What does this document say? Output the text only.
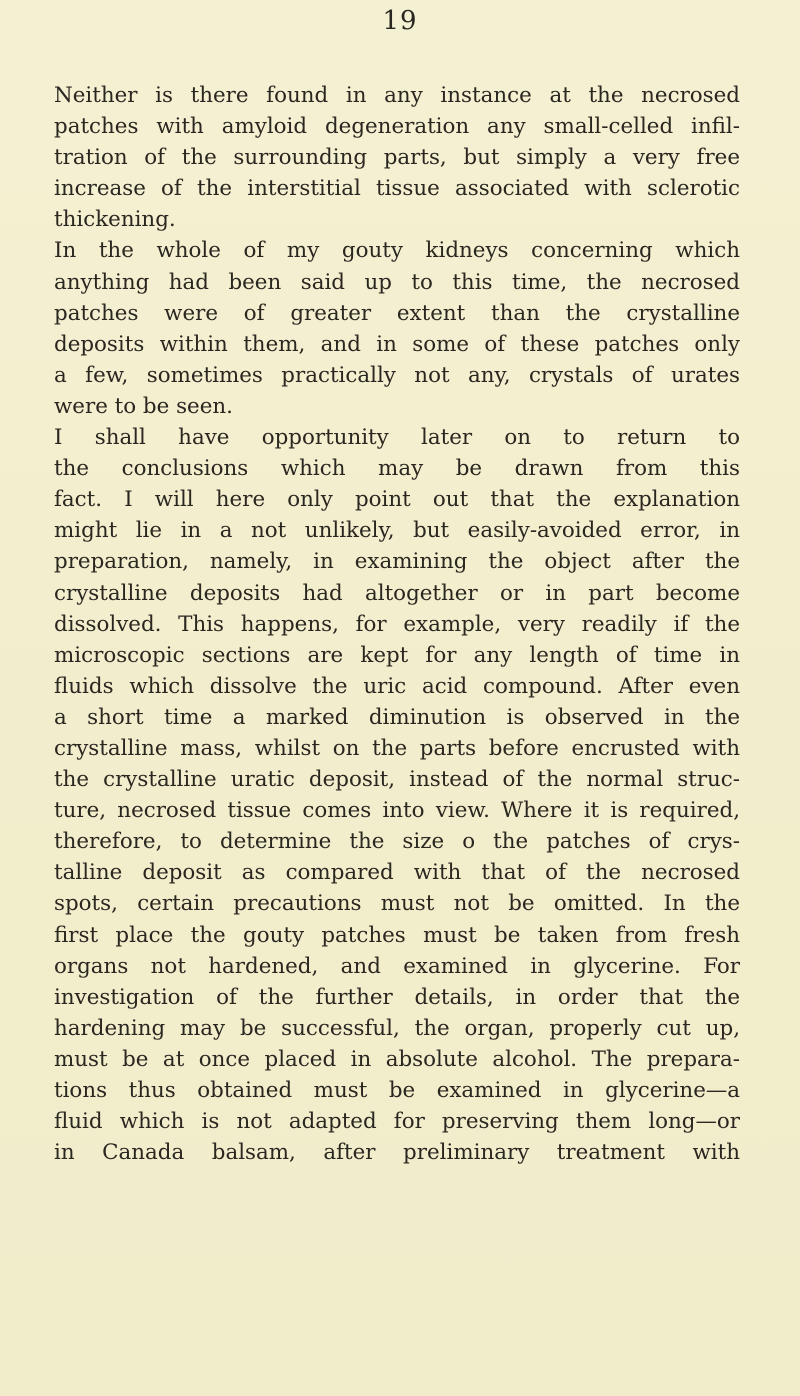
19
Neither is there found in any instance at the necrosed
patches with amyloid degeneration any small-celled infil-
tration of the surrounding parts, but simply a very free
increase of the interstitial tissue associated with sclerotic
thickening.
In the whole of my gouty kidneys concerning which
anything had been said up to this time, the necrosed
patches were of greater extent than the crystalline
deposits within them, and in some of these patches only
a few, sometimes practically not any, crystals of urates
were to be seen.
I shall have opportunity later on to return to
the conclusions which may be drawn from this
fact. I will here only point out that the explanation
might lie in a not unlikely, but easily-avoided error, in
preparation, namely, in examining the object after the
crystalline deposits had altogether or in part become
dissolved. This happens, for example, very readily if the
microscopic sections are kept for any length of time in
fluids which dissolve the uric acid compound. After even
a short time a marked diminution is observed in the
crystalline mass, whilst on the parts before encrusted with
the crystalline uratic deposit, instead of the normal struc-
ture, necrosed tissue comes into view. Where it is required,
therefore, to determine the size o the patches of crys-
talline deposit as compared with that of the necrosed
spots, certain precautions must not be omitted. In the
first place the gouty patches must be taken from fresh
organs not hardened, and examined in glycerine. For
investigation of the further details, in order that the
hardening may be successful, the organ, properly cut up,
must be at once placed in absolute alcohol. The prepara-
tions thus obtained must be examined in glycerine—a
fluid which is not adapted for preserving them long—or
in Canada balsam, after preliminary treatment with
